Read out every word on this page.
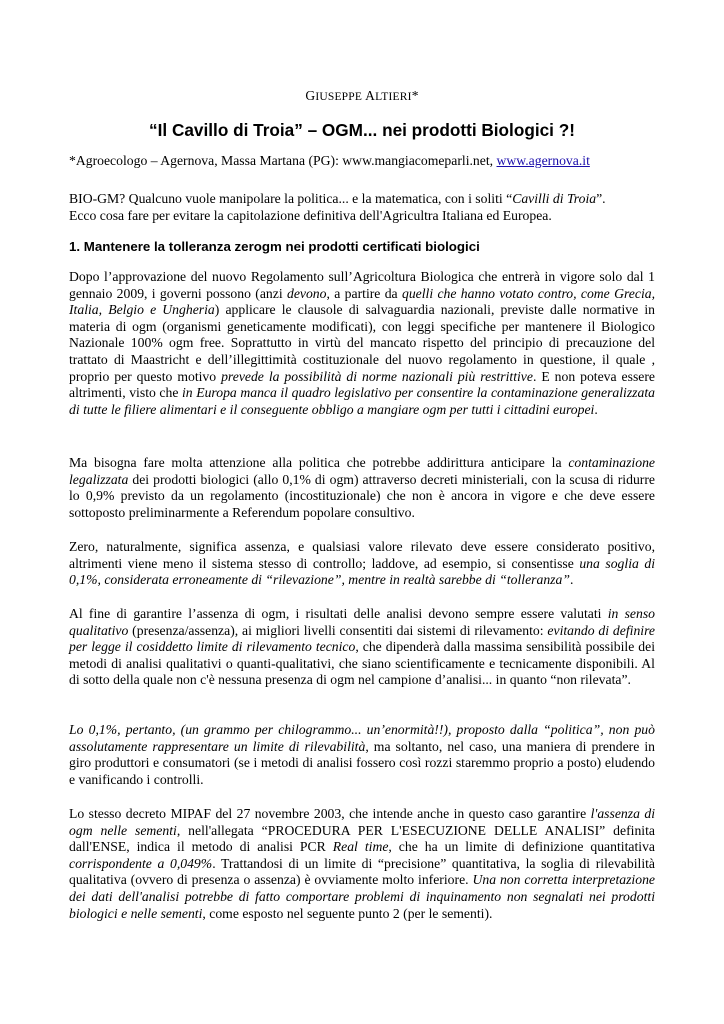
GIUSEPPE ALTIERI*
“Il Cavillo di Troia” – OGM... nei prodotti Biologici ?!

*Agroecologo – Agernova, Massa Martana (PG): www.mangiacomeparli.net, www.agernova.it

BIO-GM? Qualcuno vuole manipolare la politica... e la matematica, con i soliti “Cavilli di Troia”.
Ecco cosa fare per evitare la capitolazione definitiva dell'Agricultra Italiana ed Europea.

1. Mantenere la tolleranza zerogm nei prodotti certificati biologici

Dopo l’approvazione del nuovo Regolamento sull’Agricoltura Biologica che entrerà in vigore solo dal 1 gennaio 2009, i governi possono (anzi devono, a partire da quelli che hanno votato contro, come Grecia, Italia, Belgio e Ungheria) applicare le clausole di salvaguardia nazionali, previste dalle normative in materia di ogm (organismi geneticamente modificati), con leggi specifiche per mantenere il Biologico Nazionale 100% ogm free. Soprattutto in virtù del mancato rispetto del principio di precauzione del trattato di Maastricht e dell’illegittimità costituzionale del nuovo regolamento in questione, il quale , proprio per questo motivo prevede la possibilità di norme nazionali più restrittive. E non poteva essere altrimenti, visto che in Europa manca il quadro legislativo per consentire la contaminazione generalizzata di tutte le filiere alimentari e il conseguente obbligo a mangiare ogm per tutti i cittadini europei.

Ma bisogna fare molta attenzione alla politica che potrebbe addirittura anticipare la contaminazione legalizzata dei prodotti biologici (allo 0,1% di ogm) attraverso decreti ministeriali, con la scusa di ridurre lo 0,9% previsto da un regolamento (incostituzionale) che non è ancora in vigore e che deve essere sottoposto preliminarmente a Referendum popolare consultivo.

Zero, naturalmente, significa assenza, e qualsiasi valore rilevato deve essere considerato positivo, altrimenti viene meno il sistema stesso di controllo; laddove, ad esempio, si consentisse una soglia di 0,1%, considerata erroneamente di “rilevazione”, mentre in realtà sarebbe di “tolleranza”.

Al fine di garantire l’assenza di ogm, i risultati delle analisi devono sempre essere valutati in senso qualitativo (presenza/assenza), ai migliori livelli consentiti dai sistemi di rilevamento: evitando di definire per legge il cosiddetto limite di rilevamento tecnico, che dipenderà dalla massima sensibilità possibile dei metodi di analisi qualitativi o quanti-qualitativi, che siano scientificamente e tecnicamente disponibili. Al di sotto della quale non c'è nessuna presenza di ogm nel campione d’analisi... in quanto “non rilevata”.

Lo 0,1%, pertanto, (un grammo per chilogrammo... un’enormità!!), proposto dalla “politica”, non può assolutamente rappresentare un limite di rilevabilità, ma soltanto, nel caso, una maniera di prendere in giro produttori e consumatori (se i metodi di analisi fossero così rozzi staremmo proprio a posto) eludendo e vanificando i controlli.

Lo stesso decreto MIPAF del 27 novembre 2003, che intende anche in questo caso garantire l'assenza di ogm nelle sementi, nell'allegata “PROCEDURA PER L'ESECUZIONE DELLE ANALISI” definita dall'ENSE, indica il metodo di analisi PCR Real time, che ha un limite di definizione quantitativa corrispondente a 0,049%. Trattandosi di un limite di “precisione” quantitativa, la soglia di rilevabilità qualitativa (ovvero di presenza o assenza) è ovviamente molto inferiore. Una non corretta interpretazione dei dati dell'analisi potrebbe di fatto comportare problemi di inquinamento non segnalati nei prodotti biologici e nelle sementi, come esposto nel seguente punto 2 (per le sementi).
